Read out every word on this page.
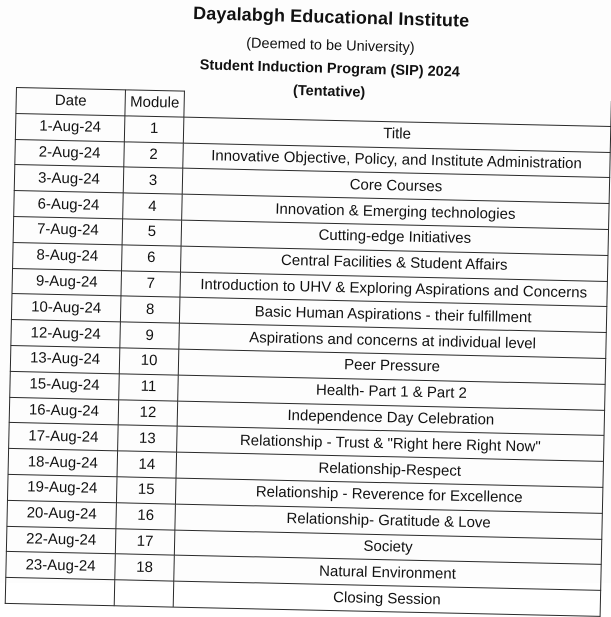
Dayalabgh Educational Institute
(Deemed to be University)
Student Induction Program (SIP) 2024
(Tentative)
Date	Module	
1-Aug-24	1	Title
2-Aug-24	2	Innovative Objective, Policy, and Institute Administration
3-Aug-24	3	Core Courses
6-Aug-24	4	Innovation & Emerging technologies
7-Aug-24	5	Cutting-edge Initiatives
8-Aug-24	6	Central Facilities & Student Affairs
9-Aug-24	7	Introduction to UHV & Exploring Aspirations and Concerns
10-Aug-24	8	Basic Human Aspirations - their fulfillment
12-Aug-24	9	Aspirations and concerns at individual level
13-Aug-24	10	Peer Pressure
15-Aug-24	11	Health- Part 1 & Part 2
16-Aug-24	12	Independence Day Celebration
17-Aug-24	13	Relationship - Trust & "Right here Right Now"
18-Aug-24	14	Relationship-Respect
19-Aug-24	15	Relationship - Reverence for Excellence
20-Aug-24	16	Relationship- Gratitude & Love
22-Aug-24	17	Society
23-Aug-24	18	Natural Environment
		Closing Session
